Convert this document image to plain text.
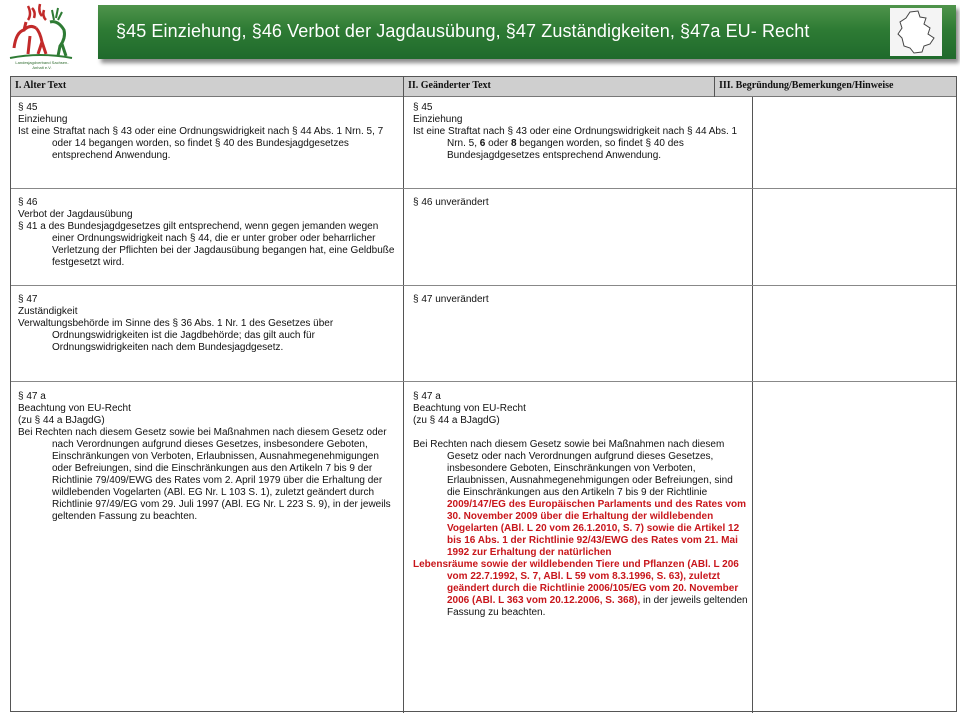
Landesjagdverband Sachsen-Anhalt e.V.
§45 Einziehung, §46 Verbot der Jagdausübung, §47 Zuständigkeiten, §47a EU- Recht
I. Alter Text	II. Geänderter Text	III. Begründung/Bemerkungen/Hinweise

§ 45

Einziehung

Ist eine Straftat nach § 43 oder eine Ordnungswidrigkeit nach § 44 Abs. 1 Nrn. 5, 7 oder 14 begangen worden, so findet § 40 des Bundesjagdgesetzes entsprechend Anwendung.

§ 45

Einziehung

Ist eine Straftat nach § 43 oder eine Ordnungswidrigkeit nach § 44 Abs. 1 Nrn. 5, 6 oder 8 begangen worden, so findet § 40 des Bundesjagdgesetzes entsprechend Anwendung.

§ 46

Verbot der Jagdausübung

§ 41 a des Bundesjagdgesetzes gilt entsprechend, wenn gegen jemanden wegen einer Ordnungswidrigkeit nach § 44, die er unter grober oder beharrlicher Verletzung der Pflichten bei der Jagdausübung begangen hat, eine Geldbuße festgesetzt wird.

§ 46 unverändert

§ 47

Zuständigkeit

Verwaltungsbehörde im Sinne des § 36 Abs. 1 Nr. 1 des Gesetzes über Ordnungswidrigkeiten ist die Jagdbehörde; das gilt auch für Ordnungswidrigkeiten nach dem Bundesjagdgesetz.

§ 47 unverändert

§ 47 a

Beachtung von EU-Recht

(zu § 44 a BJagdG)

Bei Rechten nach diesem Gesetz sowie bei Maßnahmen nach diesem Gesetz oder nach Verordnungen aufgrund dieses Gesetzes, insbesondere Geboten, Einschränkungen von Verboten, Erlaubnissen, Ausnahmegenehmigungen oder Befreiungen, sind die Einschränkungen aus den Artikeln 7 bis 9 der Richtlinie 79/409/EWG des Rates vom 2. April 1979 über die Erhaltung der wildlebenden Vogelarten (ABl. EG Nr. L 103 S. 1), zuletzt geändert durch Richtlinie 97/49/EG vom 29. Juli 1997 (ABl. EG Nr. L 223 S. 9), in der jeweils geltenden Fassung zu beachten.

§ 47 a

Beachtung von EU-Recht

(zu § 44 a BJagdG)

Bei Rechten nach diesem Gesetz sowie bei Maßnahmen nach diesem Gesetz oder nach Verordnungen aufgrund dieses Gesetzes, insbesondere Geboten, Einschränkungen von Verboten, Erlaubnissen, Ausnahmegenehmigungen oder Befreiungen, sind die Einschränkungen aus den Artikeln 7 bis 9 der Richtlinie 2009/147/EG des Europäischen Parlaments und des Rates vom 30. November 2009 über die Erhaltung der wildlebenden Vogelarten (ABl. L 20 vom 26.1.2010, S. 7) sowie die Artikel 12 bis 16 Abs. 1 der Richtlinie 92/43/EWG des Rates vom 21. Mai 1992 zur Erhaltung der natürlichen

Lebensräume sowie der wildlebenden Tiere und Pflanzen (ABl. L 206 vom 22.7.1992, S. 7, ABl. L 59 vom 8.3.1996, S. 63), zuletzt geändert durch die Richtlinie 2006/105/EG vom 20. November 2006 (ABl. L 363 vom 20.12.2006, S. 368), in der jeweils geltenden Fassung zu beachten.
